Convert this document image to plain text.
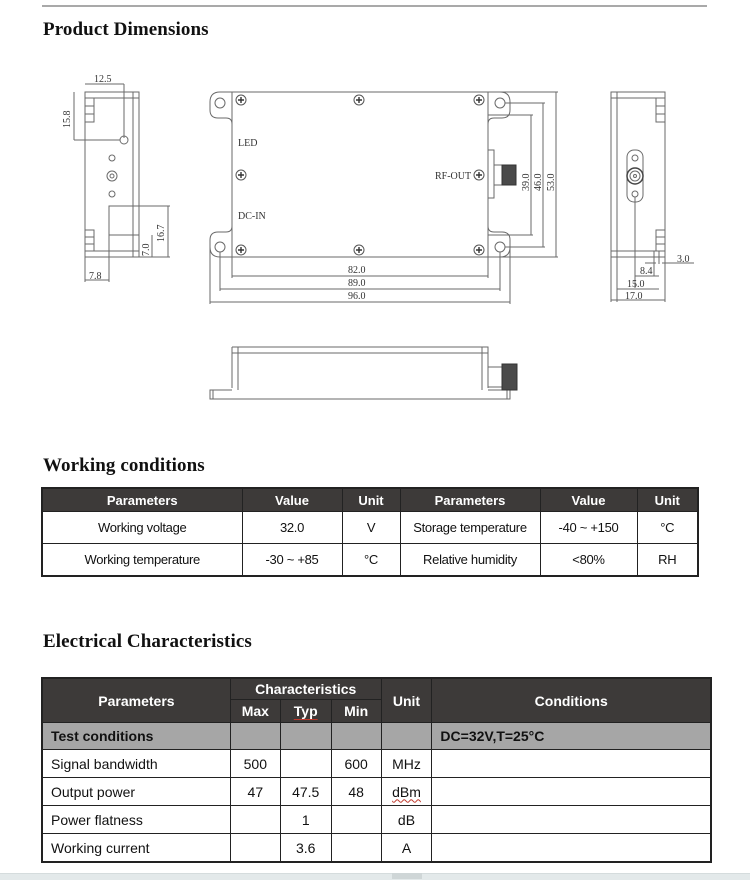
Product Dimensions
12.5
15.8
16.7
7.0
7.8
LED
DC-IN
RF-OUT
82.0
89.0
96.0
39.0 46.0 53.0
3.0
8.4
15.0
17.0
Working conditions
Parameters	Value	Unit	Parameters	Value	Unit
Working voltage	32.0	V	Storage temperature	-40 ~ +150	°C
Working temperature	-30 ~ +85	°C	Relative humidity	<80%	RH
Electrical Characteristics
Parameters	Characteristics			Unit	Conditions
	Max	Typ	Min		
Test conditions					DC=32V,T=25°C
Signal bandwidth	500		600	MHz	
Output power	47	47.5	48	dBm	
Power flatness		1		dB	
Working current		3.6		A	
